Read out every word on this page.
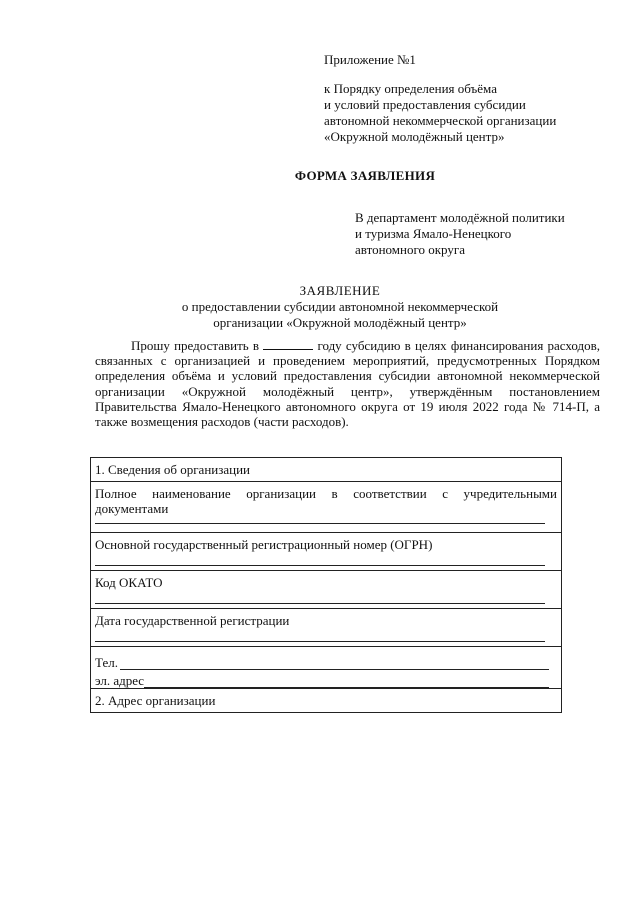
Приложение №1
к Порядку определения объёма
и условий предоставления субсидии
автономной некоммерческой организации
«Окружной молодёжный центр»
ФОРМА ЗАЯВЛЕНИЯ
В департамент молодёжной политики
и туризма Ямало-Ненецкого
автономного округа
ЗАЯВЛЕНИЕ
о предоставлении субсидии автономной некоммерческой
организации «Окружной молодёжный центр»
Прошу предоставить в	году субсидию в целях финансирования расходов, связанных с организацией и проведением мероприятий, предусмотренных Порядком определения объёма и условий предоставления субсидии автономной некоммерческой организации «Окружной молодёжный центр», утверждённым постановлением Правительства Ямало-Ненецкого автономного округа от 19 июля 2022 года № 714-П, а также возмещения расходов (части расходов).
1. Сведения об организации
Полное наименование организации в соответствии с учредительными документами
Основной государственный регистрационный номер (ОГРН)
Код ОКАТО
Дата государственной регистрации
Тел.
эл. адрес
2. Адрес организации
